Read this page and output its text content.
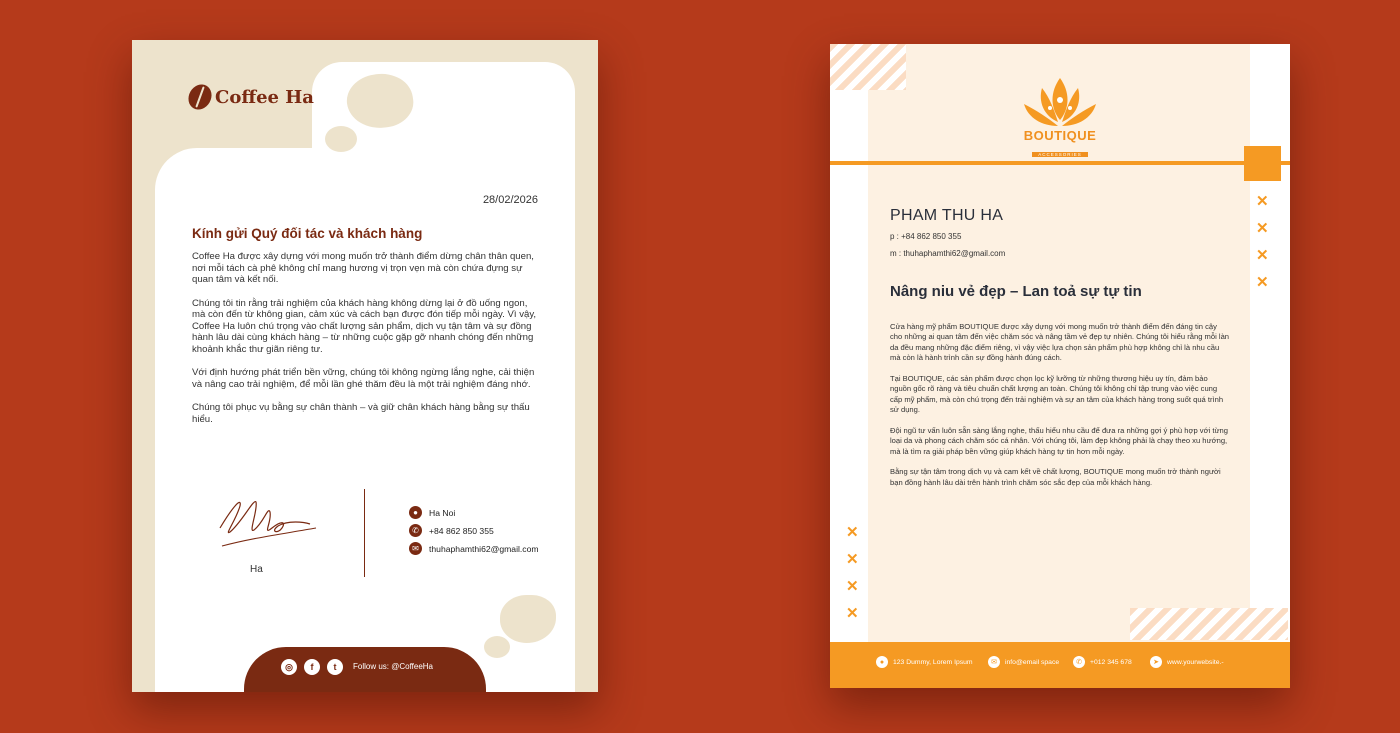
Coffee Ha
28/02/2026
Kính gửi Quý đối tác và khách hàng

Coffee Ha được xây dựng với mong muốn trở thành điểm dừng chân thân quen, nơi mỗi tách cà phê không chỉ mang hương vị trọn vẹn mà còn chứa đựng sự quan tâm và kết nối.

Chúng tôi tin rằng trải nghiệm của khách hàng không dừng lại ở đồ uống ngon, mà còn đến từ không gian, cảm xúc và cách bạn được đón tiếp mỗi ngày. Vì vậy, Coffee Ha luôn chú trọng vào chất lượng sản phẩm, dịch vụ tận tâm và sự đồng hành lâu dài cùng khách hàng – từ những cuộc gặp gỡ nhanh chóng đến những khoảnh khắc thư giãn riêng tư.

Với định hướng phát triển bền vững, chúng tôi không ngừng lắng nghe, cải thiện và nâng cao trải nghiệm, để mỗi lần ghé thăm đều là một trải nghiệm đáng nhớ.

Chúng tôi phục vụ bằng sự chân thành – và giữ chân khách hàng bằng sự thấu hiểu.

Ha
●	Ha Noi
✆	+84 862 850 355
✉	thuhaphamthi62@gmail.com
◎	f	t	Follow us: @CoffeeHa
✕
✕
✕
✕
✕
✕
✕
✕
BOUTIQUE
ACCESSORIES
PHAM THU HA
p : +84 862 850 355
m : thuhaphamthi62@gmail.com
Nâng niu vẻ đẹp – Lan toả sự tự tin

Cửa hàng mỹ phẩm BOUTIQUE được xây dựng với mong muốn trở thành điểm đến đáng tin cậy cho những ai quan tâm đến việc chăm sóc và nâng tầm vẻ đẹp tự nhiên. Chúng tôi hiểu rằng mỗi làn da đều mang những đặc điểm riêng, vì vậy việc lựa chọn sản phẩm phù hợp không chỉ là nhu cầu mà còn là hành trình cần sự đồng hành đúng cách.

Tại BOUTIQUE, các sản phẩm được chọn lọc kỹ lưỡng từ những thương hiệu uy tín, đảm bảo nguồn gốc rõ ràng và tiêu chuẩn chất lượng an toàn. Chúng tôi không chỉ tập trung vào việc cung cấp mỹ phẩm, mà còn chú trọng đến trải nghiệm và sự an tâm của khách hàng trong suốt quá trình sử dụng.

Đội ngũ tư vấn luôn sẵn sàng lắng nghe, thấu hiểu nhu cầu để đưa ra những gợi ý phù hợp với từng loại da và phong cách chăm sóc cá nhân. Với chúng tôi, làm đẹp không phải là chạy theo xu hướng, mà là tìm ra giải pháp bền vững giúp khách hàng tự tin hơn mỗi ngày.

Bằng sự tận tâm trong dịch vụ và cam kết về chất lượng, BOUTIQUE mong muốn trở thành người bạn đồng hành lâu dài trên hành trình chăm sóc sắc đẹp của mỗi khách hàng.

●	123 Dummy, Lorem Ipsum	✉	info@email space	✆	+012 345 678	➤	www.yourwebsite.-
